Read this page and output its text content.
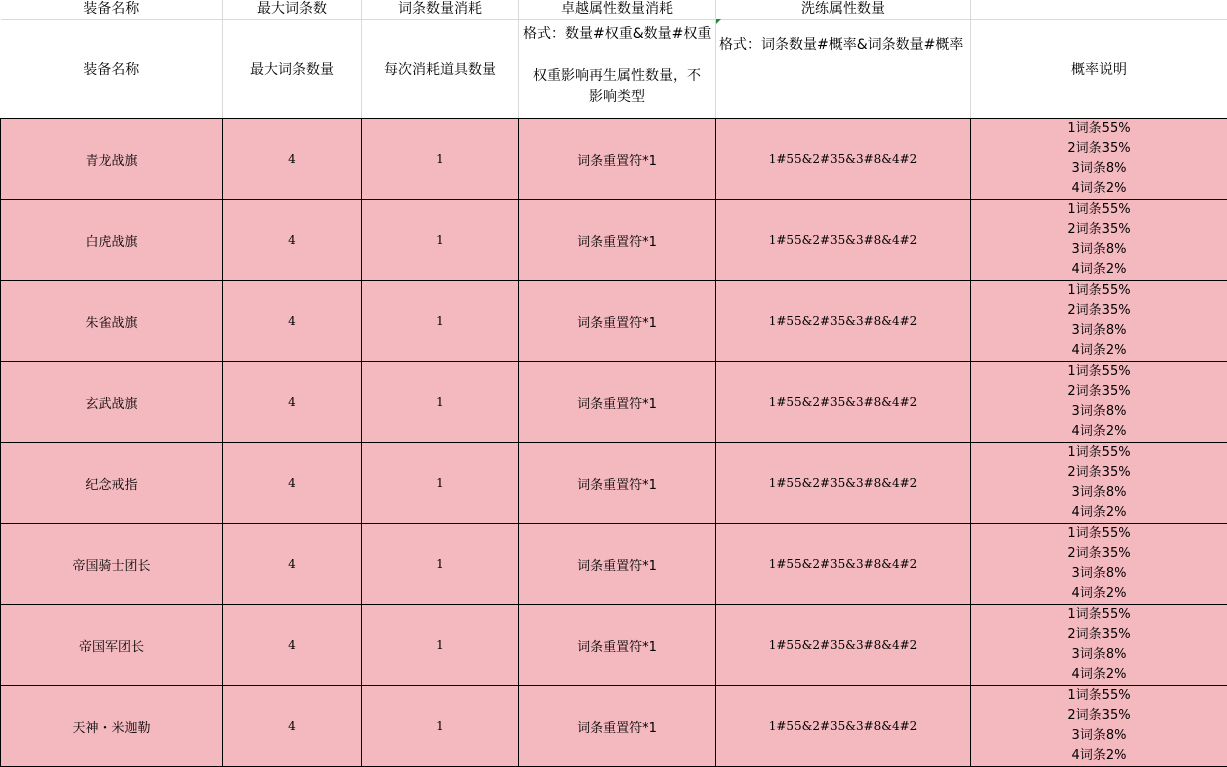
装备名称	最大词条数	词条数量消耗	卓越属性数量消耗	洗练属性数量	
装备名称	最大词条数量	每次消耗道具数量	格式：数量#权重&数量#权重
权重影响再生属性数量，不影响类型	格式：词条数量#概率&词条数量#概率	概率说明
青龙战旗	4	1	词条重置符*1	1#55&2#35&3#8&4#2	1词条55%
2词条35%
3词条8%
4词条2%

白虎战旗	4	1	词条重置符*1	1#55&2#35&3#8&4#2	1词条55%
2词条35%
3词条8%
4词条2%

朱雀战旗	4	1	词条重置符*1	1#55&2#35&3#8&4#2	1词条55%
2词条35%
3词条8%
4词条2%

玄武战旗	4	1	词条重置符*1	1#55&2#35&3#8&4#2	1词条55%
2词条35%
3词条8%
4词条2%

纪念戒指	4	1	词条重置符*1	1#55&2#35&3#8&4#2	1词条55%
2词条35%
3词条8%
4词条2%

帝国骑士团长	4	1	词条重置符*1	1#55&2#35&3#8&4#2	1词条55%
2词条35%
3词条8%
4词条2%

帝国军团长	4	1	词条重置符*1	1#55&2#35&3#8&4#2	1词条55%
2词条35%
3词条8%
4词条2%

天神・米迦勒	4	1	词条重置符*1	1#55&2#35&3#8&4#2	1词条55%
2词条35%
3词条8%
4词条2%
